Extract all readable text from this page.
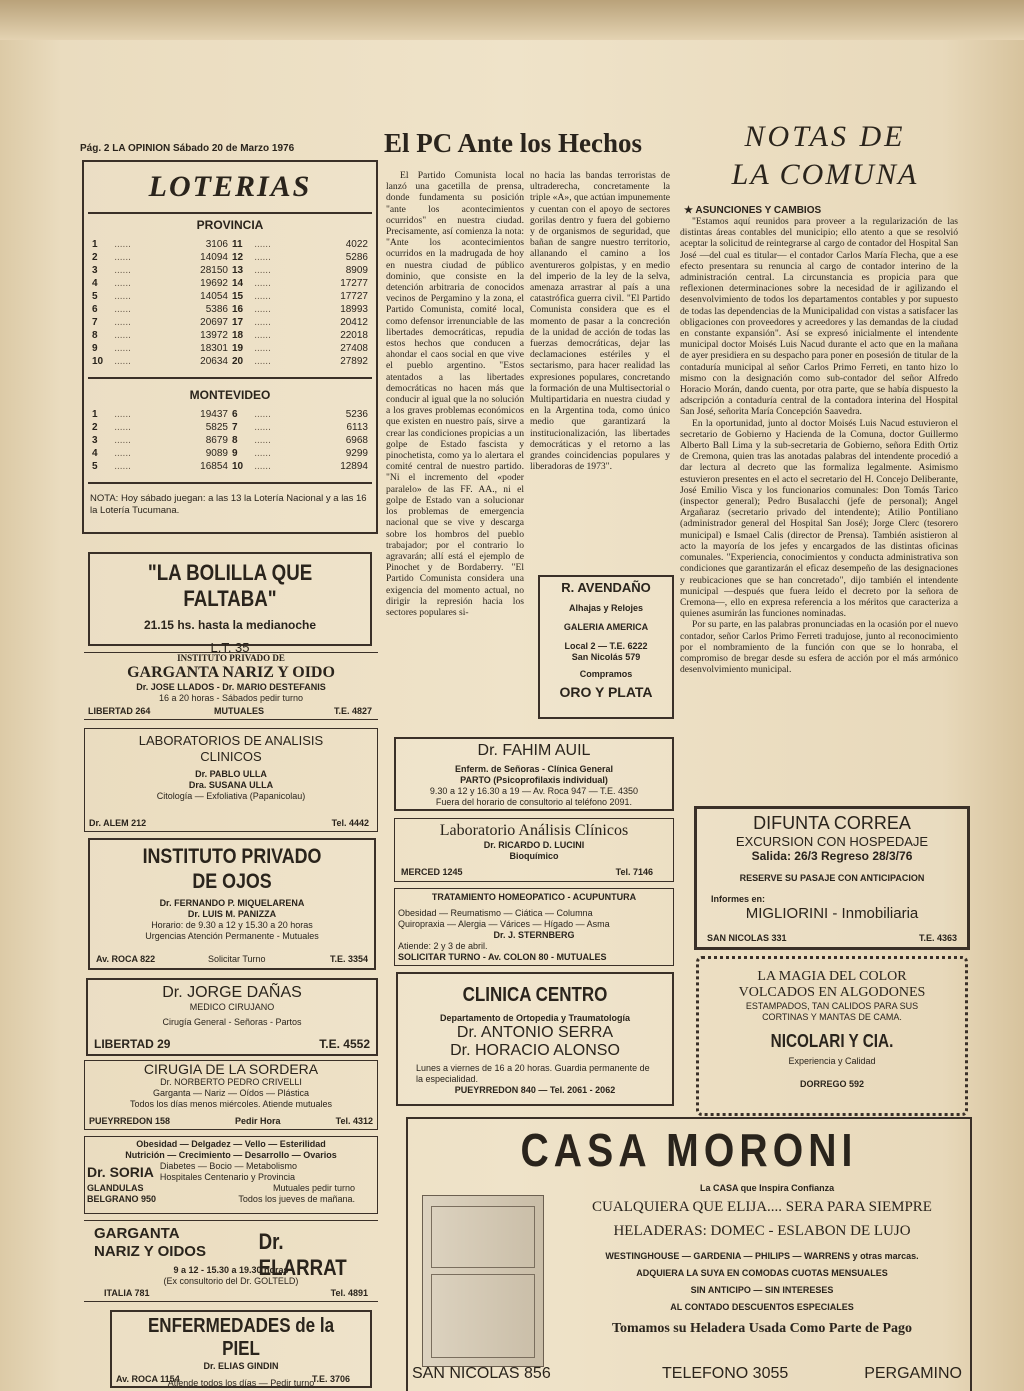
Pág. 2 LA OPINION Sábado 20 de Marzo 1976
LOTERIAS
PROVINCIA
1	......	3106	11	......	4022
2	......	14094	12	......	5286
3	......	28150	13	......	8909
4	......	19692	14	......	17277
5	......	14054	15	......	17727
6	......	5386	16	......	18993
7	......	20697	17	......	20412
8	......	13972	18	......	22018
9	......	18301	19	......	27408
10	......	20634	20	......	27892
MONTEVIDEO
1	......	19437	6	......	5236
2	......	5825	7	......	6113
3	......	8679	8	......	6968
4	......	9089	9	......	9299
5	......	16854	10	......	12894
NOTA: Hoy sábado juegan: a las 13 la Lotería Nacional y a las 16 la Lotería Tucumana.
"LA BOLILLA QUE FALTABA"
21.15 hs. hasta la medianoche
L.T. 35
INSTITUTO PRIVADO DE
GARGANTA NARIZ Y OIDO
Dr. JOSE LLADOS - Dr. MARIO DESTEFANIS
16 a 20 horas - Sábados pedir turno
LIBERTAD 264	MUTUALES	T.E. 4827
LABORATORIOS DE ANALISIS CLINICOS
Dr. PABLO ULLA
Dra. SUSANA ULLA
Citología — Exfoliativa (Papanicolau)
Dr. ALEM 212	Tel. 4442
INSTITUTO PRIVADO DE OJOS
Dr. FERNANDO P. MIQUELARENA
Dr. LUIS M. PANIZZA
Horario: de 9.30 a 12 y 15.30 a 20 horas
Urgencias Atención Permanente - Mutuales
Av. ROCA 822	Solicitar Turno	T.E. 3354
Dr. JORGE DAÑAS
MEDICO CIRUJANO
Cirugía General - Señoras - Partos
LIBERTAD 29	T.E. 4552
CIRUGIA DE LA SORDERA
Dr. NORBERTO PEDRO CRIVELLI
Garganta — Nariz — Oídos — Plástica
Todos los días menos miércoles. Atiende mutuales
PUEYRREDON 158	Pedir Hora	Tel. 4312
Obesidad — Delgadez — Vello — Esterilidad
Nutrición — Crecimiento — Desarrollo — Ovarios
Dr. SORIA Diabetes — Bocio — Metabolismo
Hospitales Centenario y Provincia
GLANDULAS	Mutuales pedir turno
BELGRANO 950	Todos los jueves de mañana.
GARGANTA
NARIZ Y OIDOS Dr. ELARRAT
9 a 12 - 15.30 a 19.30 horas
(Ex consultorio del Dr. GOLTELD)
ITALIA 781	Tel. 4891
ENFERMEDADES de la PIEL
Dr. ELIAS GINDIN
Atiende todos los días — Pedir turno
Av. ROCA 1154	T.E. 3706
El PC Ante los Hechos
El Partido Comunista local lanzó una gacetilla de prensa, donde fundamenta su posición "ante los acontecimientos ocurridos" en nuestra ciudad. Precisamente, así comienza la nota: "Ante los acontecimientos ocurridos en la madrugada de hoy en nuestra ciudad de público dominio, que consiste en la detención arbitraria de conocidos vecinos de Pergamino y la zona, el Partido Comunista, comité local, como defensor irrenunciable de las libertades democráticas, repudia estos hechos que conducen a ahondar el caos social en que vive el pueblo argentino. "Estos atentados a las libertades democráticas no hacen más que conducir al igual que la no solución a los graves problemas económicos que existen en nuestro país, sirve a crear las condiciones propicias a un golpe de Estado fascista y pinochetista, como ya lo alertara el comité central de nuestro partido. "Ni el incremento del «poder paralelo» de las FF. AA., ni el golpe de Estado van a solucionar los problemas de emergencia nacional que se vive y descarga sobre los hombros del pueblo trabajador; por el contrario lo agravarán; allí está el ejemplo de Pinochet y de Bordaberry. "El Partido Comunista considera una exigencia del momento actual, no dirigir la represión hacia los sectores populares si-
no hacia las bandas terroristas de ultraderecha, concretamente la triple «A», que actúan impunemente y cuentan con el apoyo de sectores gorilas dentro y fuera del gobierno y de organismos de seguridad, que bañan de sangre nuestro territorio, allanando el camino a los aventureros golpistas, y en medio del imperio de la ley de la selva, amenaza arrastrar al país a una catastrófica guerra civil. "El Partido Comunista considera que es el momento de pasar a la concreción de la unidad de acción de todas las fuerzas democráticas, dejar las declamaciones estériles y el sectarismo, para hacer realidad las expresiones populares, concretando la formación de una Multisectorial o Multipartidaria en nuestra ciudad y en la Argentina toda, como único medio que garantizará la institucionalización, las libertades democráticas y el retorno a las grandes coincidencias populares y liberadoras de 1973".
R. AVENDAÑO
Alhajas y Relojes
GALERIA AMERICA
Local 2 — T.E. 6222
San Nicolás 579
Compramos
ORO Y PLATA
Dr. FAHIM AUIL
Enferm. de Señoras - Clínica General
PARTO (Psicoprofilaxis individual)
9.30 a 12 y 16.30 a 19 — Av. Roca 947 — T.E. 4350
Fuera del horario de consultorio al teléfono 2091.
Laboratorio Análisis Clínicos
Dr. RICARDO D. LUCINI
Bioquímico
MERCED 1245	Tel. 7146
TRATAMIENTO HOMEOPATICO - ACUPUNTURA
Obesidad — Reumatismo — Ciática — Columna
Quiropraxia — Alergia — Várices — Hígado — Asma
Dr. J. STERNBERG
Atiende: 2 y 3 de abril.
SOLICITAR TURNO - Av. COLON 80 - MUTUALES
CLINICA CENTRO
Departamento de Ortopedia y Traumatología
Dr. ANTONIO SERRA
Dr. HORACIO ALONSO
Lunes a viernes de 16 a 20 horas. Guardia permanente de la especialidad.
PUEYRREDON 840 — Tel. 2061 - 2062
NOTAS DE
LA COMUNA
★ ASUNCIONES Y CAMBIOS
"Estamos aquí reunidos para proveer a la regularización de las distintas áreas contables del municipio; ello atento a que se resolvió aceptar la solicitud de reintegrarse al cargo de contador del Hospital San José —del cual es titular— el contador Carlos María Flecha, que a ese efecto presentara su renuncia al cargo de contador interino de la administración central. La circunstancia es propicia para que reflexionen determinaciones sobre la necesidad de ir agilizando el desenvolvimiento de todos los departamentos contables y por supuesto de todas las dependencias de la Municipalidad con vistas a satisfacer las obligaciones con proveedores y acreedores y las demandas de la ciudad en constante expansión". Así se expresó inicialmente el intendente municipal doctor Moisés Luis Nacud durante el acto que en la mañana de ayer presidiera en su despacho para poner en posesión de titular de la contaduría municipal al señor Carlos Primo Ferreti, en tanto hizo lo mismo con la designación como sub-contador del señor Alfredo Horacio Morán, dando cuenta, por otra parte, que se había dispuesto la adscripción a contaduría central de la contadora interina del Hospital San José, señorita María Concepción Saavedra.
En la oportunidad, junto al doctor Moisés Luis Nacud estuvieron el secretario de Gobierno y Hacienda de la Comuna, doctor Guillermo Alberto Ball Lima y la sub-secretaria de Gobierno, señora Edith Ortiz de Cremona, quien tras las anotadas palabras del intendente procedió a dar lectura al decreto que las formaliza legalmente. Asimismo estuvieron presentes en el acto el secretario del H. Concejo Deliberante, José Emilio Visca y los funcionarios comunales: Don Tomás Tarico (inspector general); Pedro Busalacchi (jefe de personal); Angel Argañaraz (secretario privado del intendente); Atilio Pontiliano (administrador general del Hospital San José); Jorge Clerc (tesorero municipal) e Ismael Calis (director de Prensa). También asistieron al acto la mayoría de los jefes y encargados de las distintas oficinas comunales. "Experiencia, conocimientos y conducta administrativa son condiciones que garantizarán el eficaz desempeño de las designaciones y reubicaciones que se han concretado", dijo también el intendente municipal —después que fuera leído el decreto por la señora de Cremona—, ello en expresa referencia a los méritos que caracteriza a quienes asumirán las funciones nominadas.
Por su parte, en las palabras pronunciadas en la ocasión por el nuevo contador, señor Carlos Primo Ferreti tradujose, junto al reconocimiento por el nombramiento de la función con que se lo honraba, el compromiso de bregar desde su esfera de acción por el más armónico desenvolvimiento municipal.
DIFUNTA CORREA
EXCURSION CON HOSPEDAJE
Salida: 26/3 Regreso 28/3/76
RESERVE SU PASAJE CON ANTICIPACION
Informes en:
MIGLIORINI - Inmobiliaria
SAN NICOLAS 331	T.E. 4363
LA MAGIA DEL COLOR
VOLCADOS EN ALGODONES
ESTAMPADOS, TAN CALIDOS PARA SUS
CORTINAS Y MANTAS DE CAMA.
NICOLARI Y CIA.
Experiencia y Calidad
DORREGO 592
CASA MORONI
La CASA que Inspira Confianza
CUALQUIERA QUE ELIJA.... SERA PARA SIEMPRE
HELADERAS: DOMEC - ESLABON DE LUJO
WESTINGHOUSE — GARDENIA — PHILIPS — WARRENS y otras marcas.
ADQUIERA LA SUYA EN COMODAS CUOTAS MENSUALES
SIN ANTICIPO — SIN INTERESES
AL CONTADO DESCUENTOS ESPECIALES
Tomamos su Heladera Usada Como Parte de Pago
SAN NICOLAS 856	TELEFONO 3055	PERGAMINO
